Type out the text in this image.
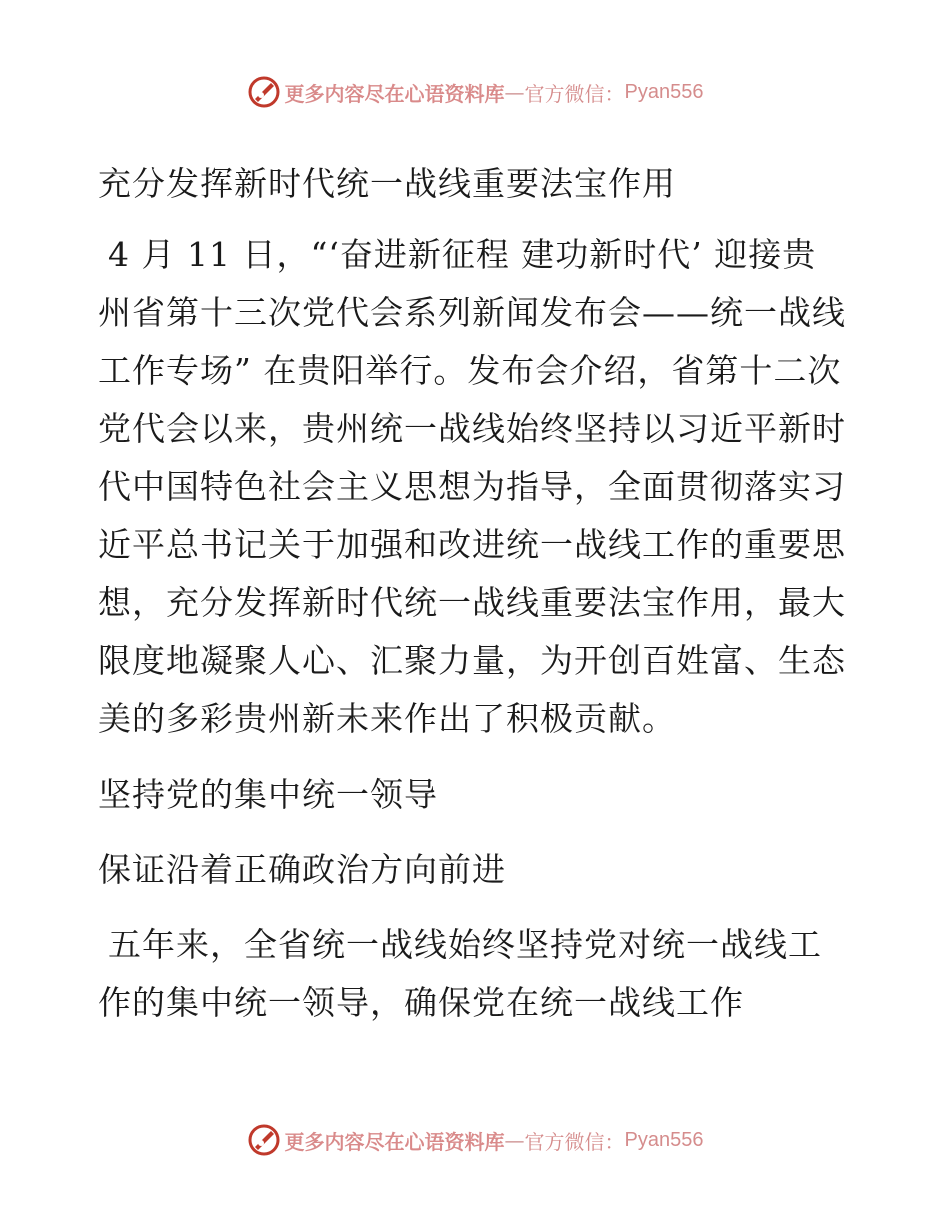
更多内容尽在心语资料库 — 官方微信： Pyan556

充分发挥新时代统一战线重要法宝作用

4 月 11 日，“‘奋进新征程 建功新时代’ 迎接贵州省第十三次党代会系列新闻发布会——统一战线工作专场” 在贵阳举行。发布会介绍，省第十二次党代会以来，贵州统一战线始终坚持以习近平新时代中国特色社会主义思想为指导，全面贯彻落实习近平总书记关于加强和改进统一战线工作的重要思想，充分发挥新时代统一战线重要法宝作用，最大限度地凝聚人心、汇聚力量，为开创百姓富、生态美的多彩贵州新未来作出了积极贡献。

坚持党的集中统一领导

保证沿着正确政治方向前进

五年来，全省统一战线始终坚持党对统一战线工作的集中统一领导，确保党在统一战线工作

更多内容尽在心语资料库 — 官方微信： Pyan556
